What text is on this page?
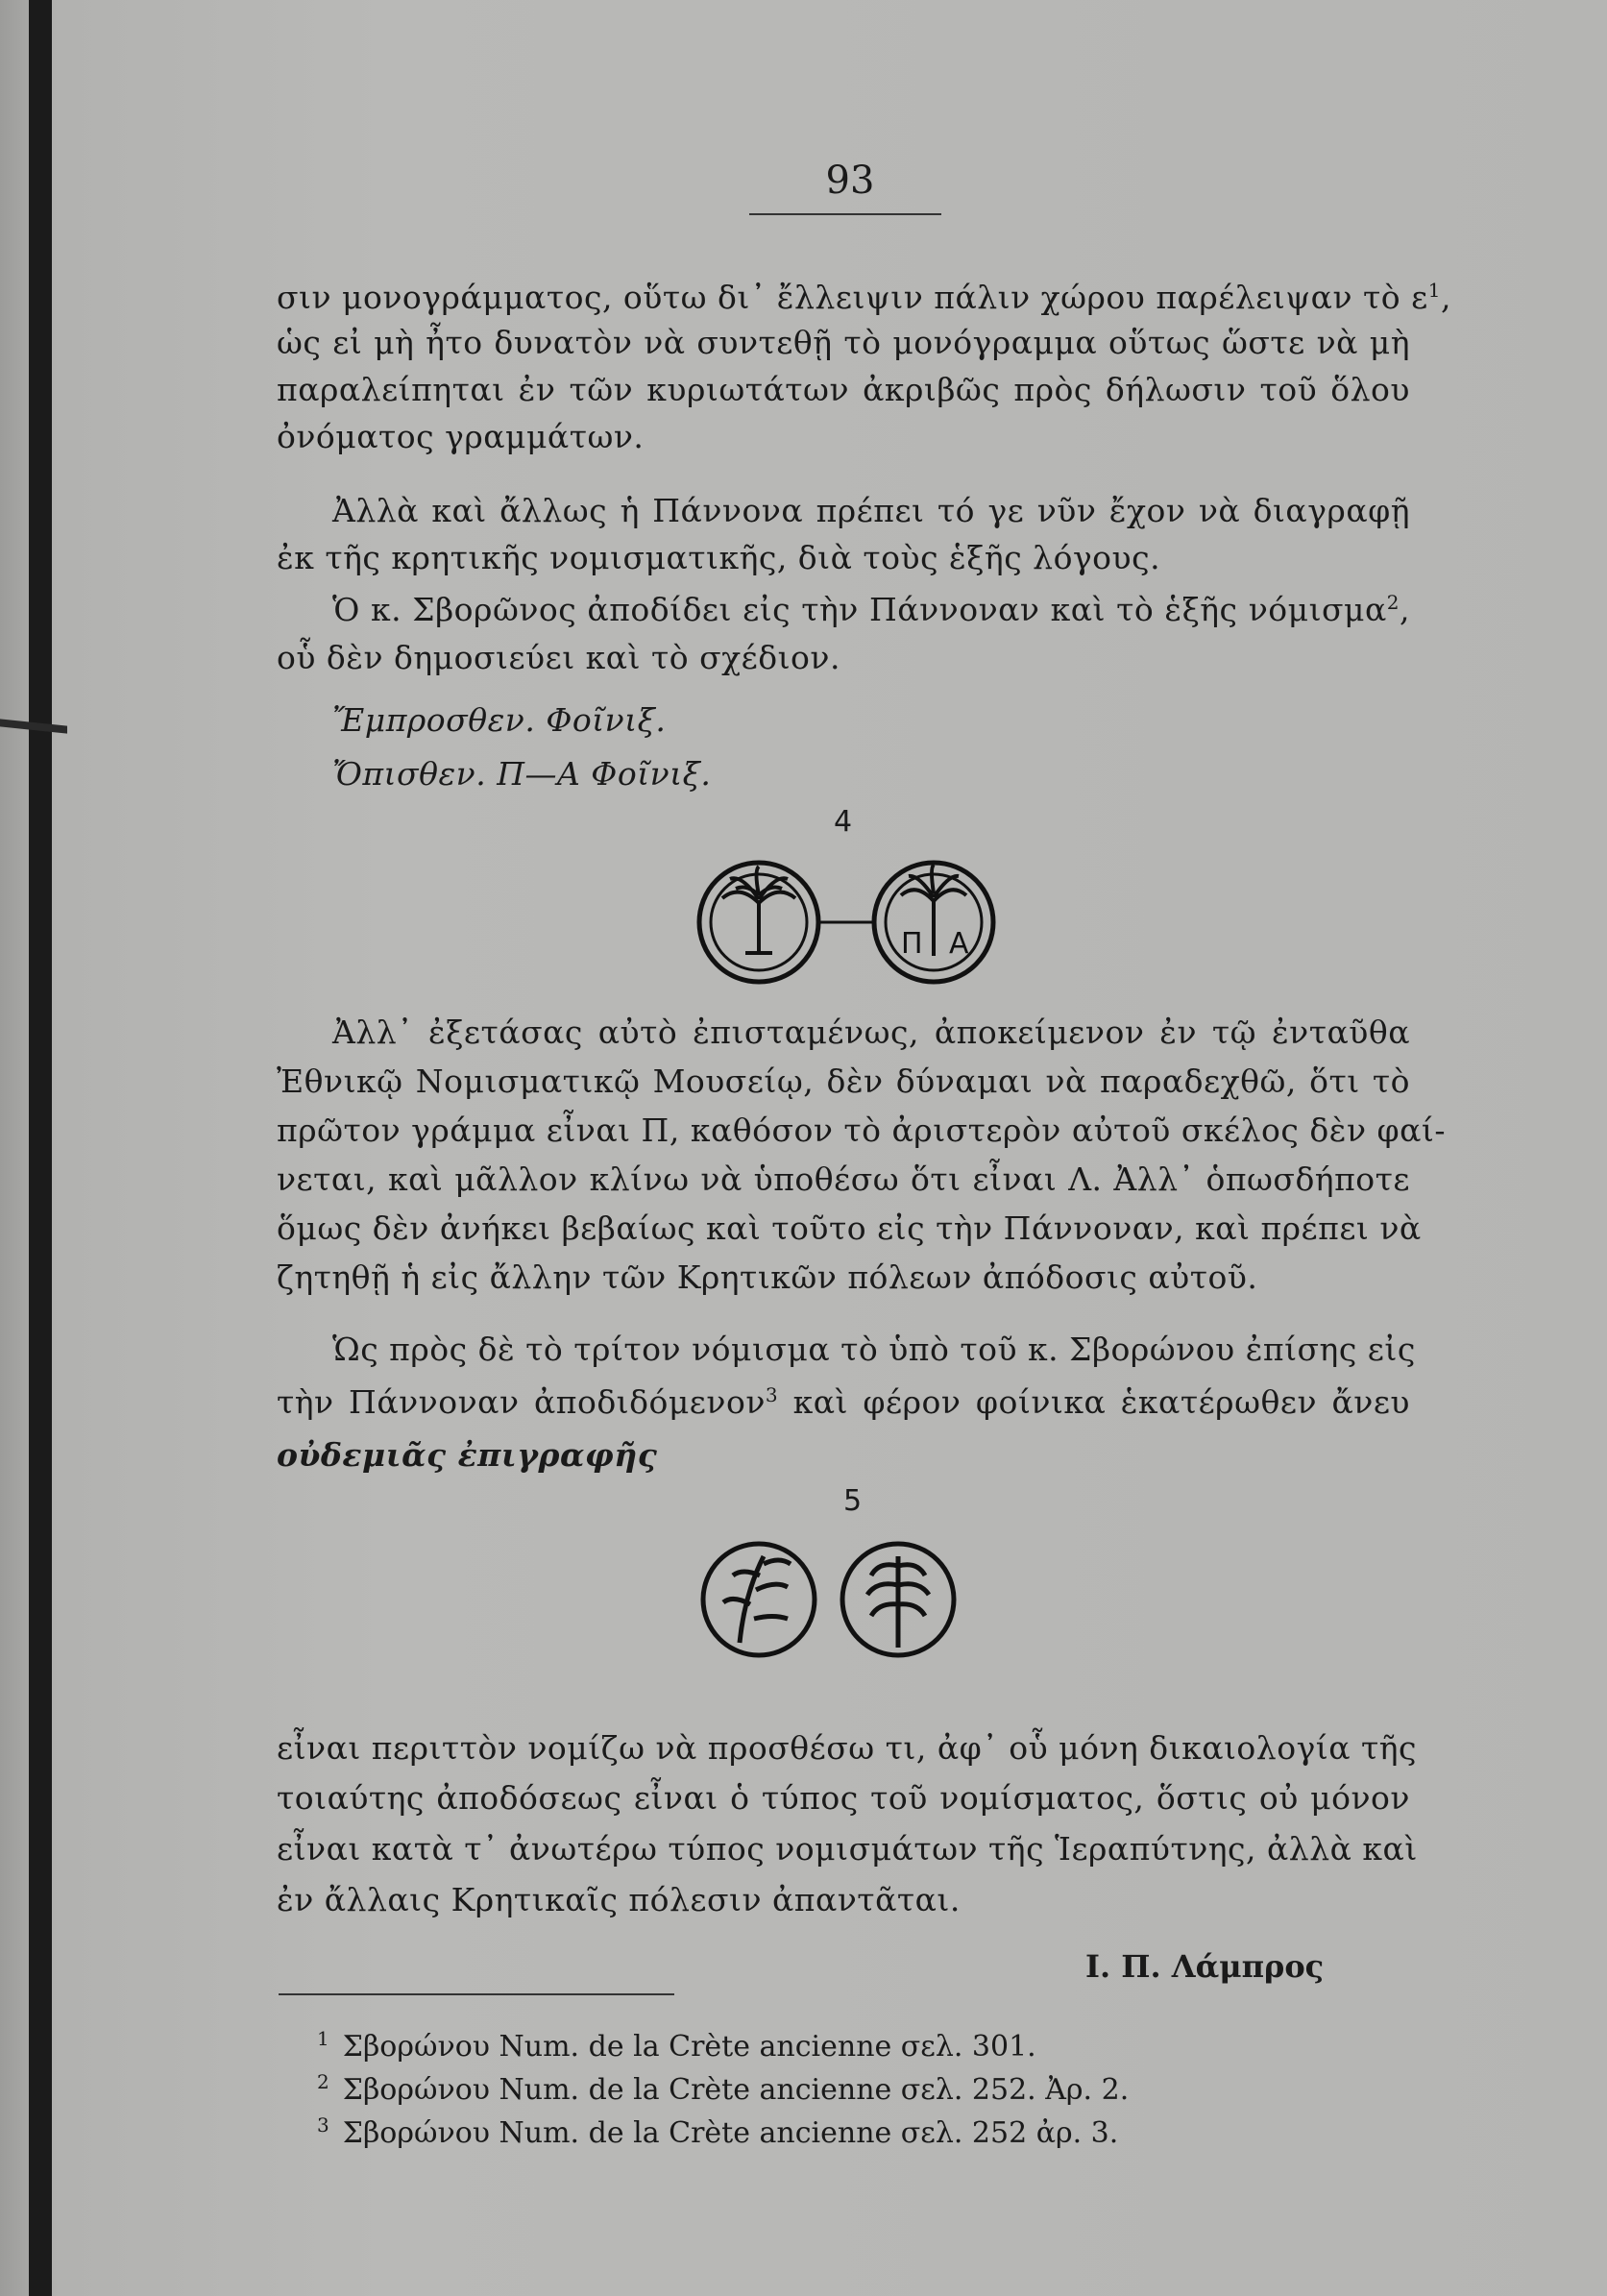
93
σιν μονογράμματος, οὕτω δι᾽ ἔλλειψιν πάλιν χώρου παρέλειψαν τὸ $\varepsilon^1$,
ὡς εἰ μὴ ἦτο δυνατὸν νὰ συντεθῇ τὸ μονόγραμμα οὕτως ὥστε νὰ μὴ
παραλείπηται ἐν τῶν κυριωτάτων ἀκριβῶς πρὸς δήλωσιν τοῦ ὅλου
ὀνόματος γραμμάτων.
Ἀλλὰ καὶ ἄλλως ἡ Πάννονα πρέπει τό γε νῦν ἔχον νὰ διαγραφῇ
ἐκ τῆς κρητικῆς νομισματικῆς, διὰ τοὺς ἑξῆς λόγους.
Ὁ κ. Σβορῶνος ἀποδίδει εἰς τὴν Πάννοναν καὶ τὸ ἑξῆς νόμισμα$^2$,
οὗ δὲν δημοσιεύει καὶ τὸ σχέδιον.
Ἔμπροσθεν. Φοῖνιξ.
Ὄπισθεν. Π—Α Φοῖνιξ.
Ἀλλ᾽ ἐξετάσας αὐτὸ ἐπισταμένως, ἀποκείμενον ἐν τῷ ἐνταῦθα
Ἐθνικῷ Νομισματικῷ Μουσείῳ, δὲν δύναμαι νὰ παραδεχθῶ, ὅτι τὸ
πρῶτον γράμμα εἶναι Π, καθόσον τὸ ἀριστερὸν αὐτοῦ σκέλος δὲν φαί-
νεται, καὶ μᾶλλον κλίνω νὰ ὑποθέσω ὅτι εἶναι Λ. Ἀλλ᾽ ὁπωσδήποτε
ὅμως δὲν ἀνήκει βεβαίως καὶ τοῦτο εἰς τὴν Πάννοναν, καὶ πρέπει νὰ
ζητηθῇ ἡ εἰς ἄλλην τῶν Κρητικῶν πόλεων ἀπόδοσις αὐτοῦ.
Ὡς πρὸς δὲ τὸ τρίτον νόμισμα τὸ ὑπὸ τοῦ κ. Σβορώνου ἐπίσης εἰς
τὴν Πάννοναν ἀποδιδόμενον$^3$ καὶ φέρον φοίνικα ἑκατέρωθεν ἄνευ
οὐδεμιᾶς ἐπιγραφῆς
εἶναι περιττὸν νομίζω νὰ προσθέσω τι, ἀφ᾽ οὗ μόνη δικαιολογία τῆς
τοιαύτης ἀποδόσεως εἶναι ὁ τύπος τοῦ νομίσματος, ὅστις οὐ μόνον
εἶναι κατὰ τ᾽ ἀνωτέρω τύπος νομισμάτων τῆς Ἱεραπύτνης, ἀλλὰ καὶ
ἐν ἄλλαις Κρητικαῖς πόλεσιν ἀπαντᾶται.
4
Π Α
5
Ι. Π. Λάμπρος
$^1$ Σβορώνου Num. de la Crète ancienne σελ. 301.
$^2$ Σβορώνου Num. de la Crète ancienne σελ. 252. Ἀρ. 2.
$^3$ Σβορώνου Num. de la Crète ancienne σελ. 252 ἀρ. 3.
